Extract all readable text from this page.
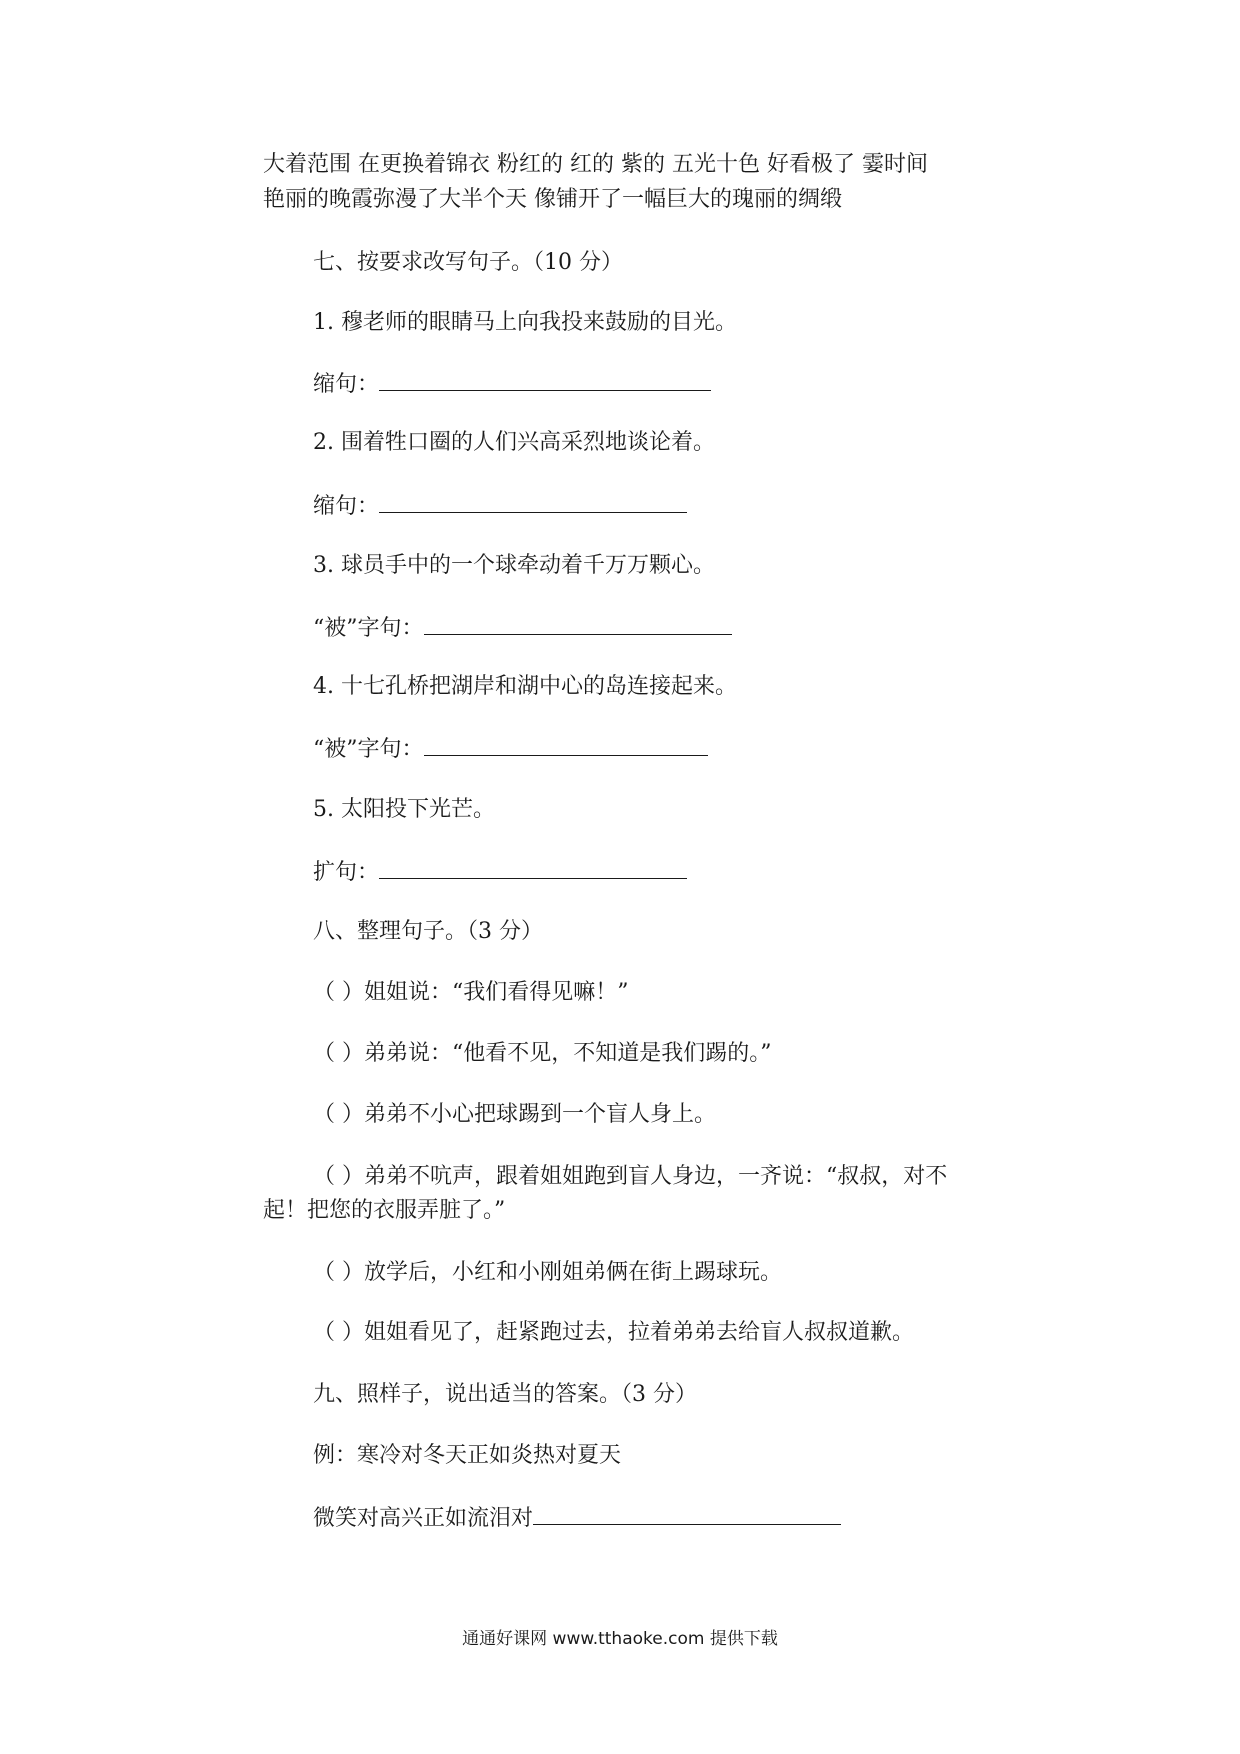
大着范围 在更换着锦衣 粉红的 红的 紫的 五光十色 好看极了 霎时间
艳丽的晚霞弥漫了大半个天 像铺开了一幅巨大的瑰丽的绸缎
七、按要求改写句子。（10 分）
1. 穆老师的眼睛马上向我投来鼓励的目光。
缩句：
2. 围着牲口圈的人们兴高采烈地谈论着。
缩句：
3. 球员手中的一个球牵动着千万万颗心。
“被”字句：
4. 十七孔桥把湖岸和湖中心的岛连接起来。
“被”字句：
5. 太阳投下光芒。
扩句：
八、整理句子。（3 分）
（ ）姐姐说：“我们看得见嘛！”
（ ）弟弟说：“他看不见，不知道是我们踢的。”
（ ）弟弟不小心把球踢到一个盲人身上。
（ ）弟弟不吭声，跟着姐姐跑到盲人身边，一齐说：“叔叔，对不
起！把您的衣服弄脏了。”
（ ）放学后，小红和小刚姐弟俩在街上踢球玩。
（ ）姐姐看见了，赶紧跑过去，拉着弟弟去给盲人叔叔道歉。
九、照样子，说出适当的答案。（3 分）
例：寒冷对冬天正如炎热对夏天
微笑对高兴正如流泪对
通通好课网 www.tthaoke.com 提供下载
